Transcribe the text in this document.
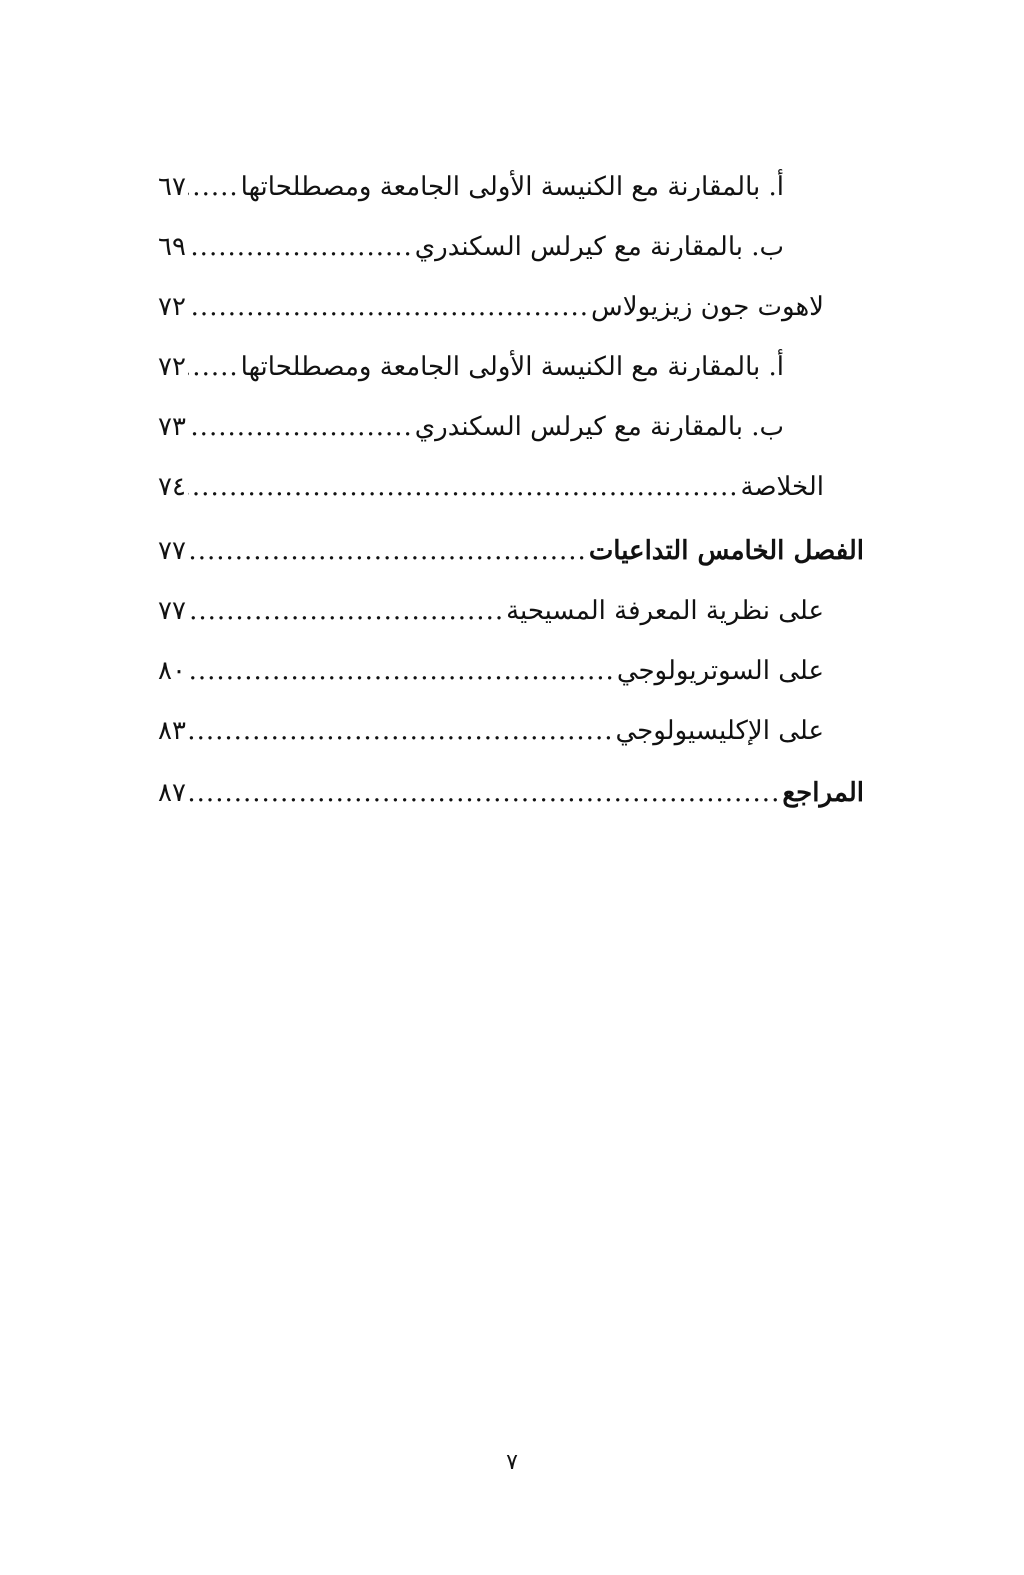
أ. بالمقارنة مع الكنيسة الأولى الجامعة ومصطلحاتها
.....
٦٧
ب. بالمقارنة مع كيرلس السكندري
.....
٦٩
لاهوت جون زيزيولاس
.....
٧٢
أ. بالمقارنة مع الكنيسة الأولى الجامعة ومصطلحاتها
.....
٧٢
ب. بالمقارنة مع كيرلس السكندري
.....
٧٣
الخلاصة
.....
٧٤
الفصل الخامس التداعيات
.....
٧٧
على نظرية المعرفة المسيحية
.....
٧٧
على السوتريولوجي
.....
٨٠
على الإكليسيولوجي
.....
٨٣
المراجع
.....
٨٧
٧
